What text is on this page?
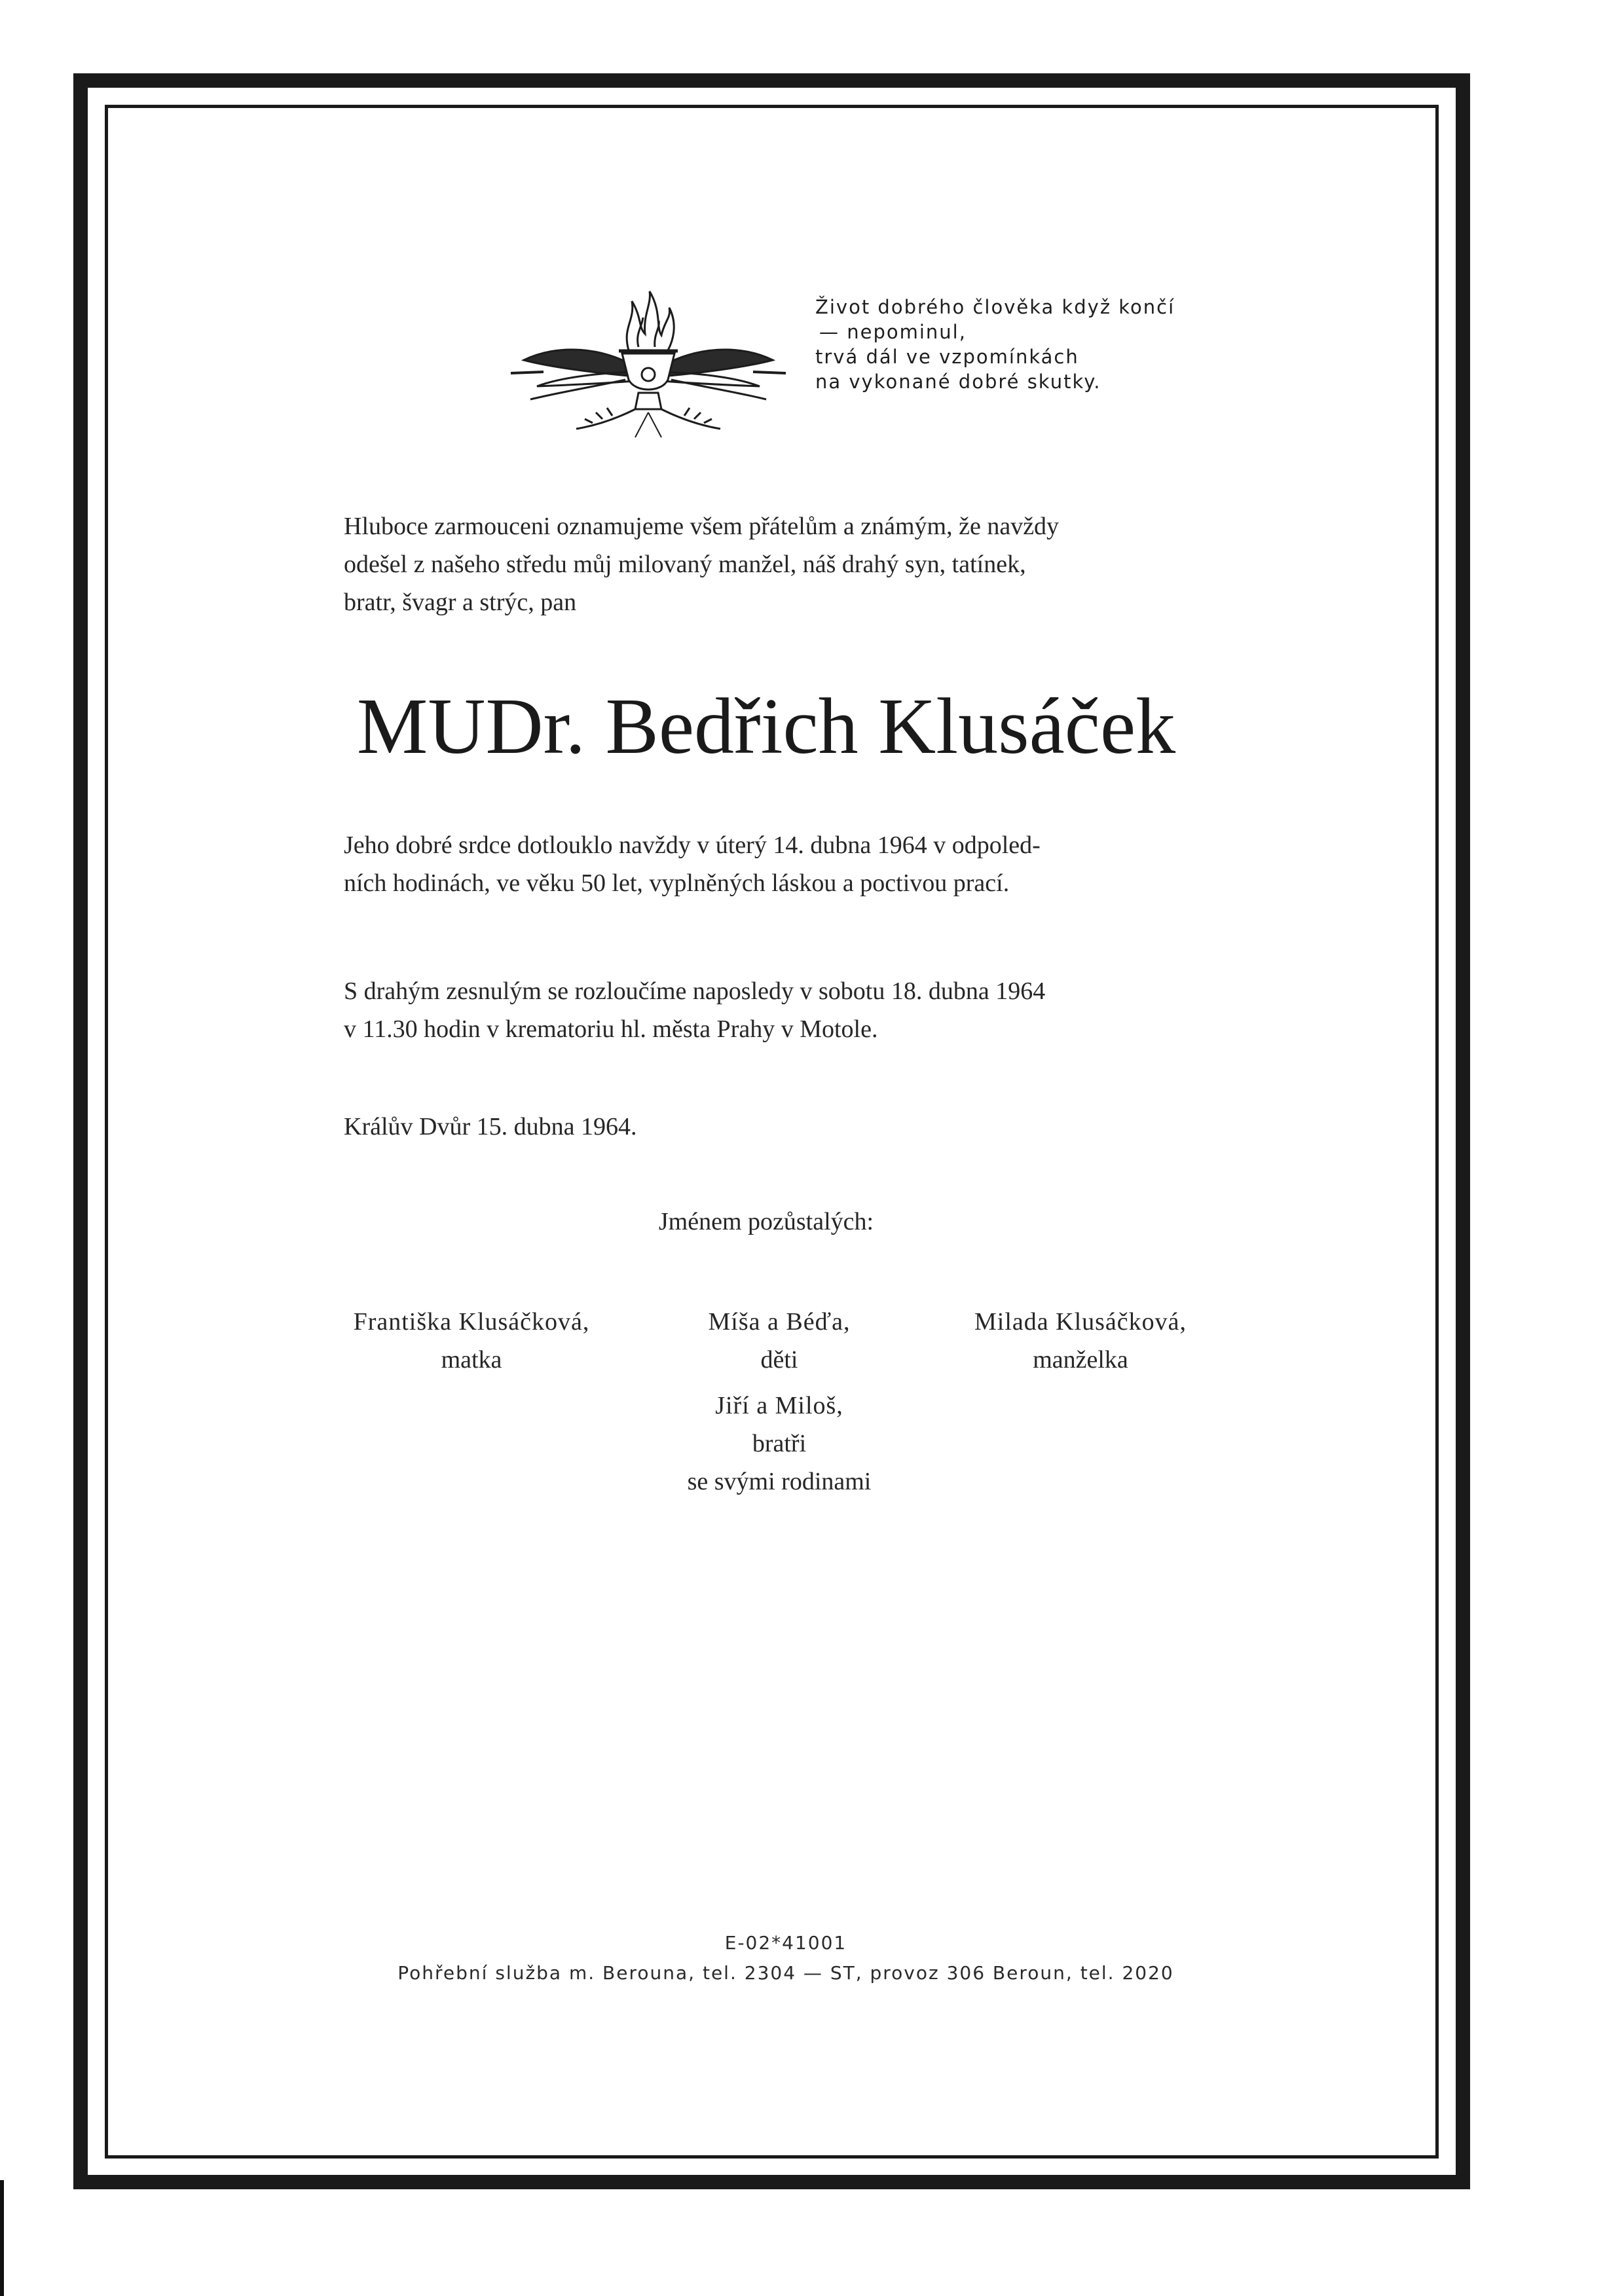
Život dobrého člověka když končí
— nepominul,
trvá dál ve vzpomínkách
na vykonané dobré skutky.
Hluboce zarmouceni oznamujeme všem přátelům a známým, že navždy
odešel z našeho středu můj milovaný manžel, náš drahý syn, tatínek,
bratr, švagr a strýc, pan
MUDr. Bedřich Klusáček
Jeho dobré srdce dotlouklo navždy v úterý 14. dubna 1964 v odpoled-
ních hodinách, ve věku 50 let, vyplněných láskou a poctivou prací.
S drahým zesnulým se rozloučíme naposledy v sobotu 18. dubna 1964
v 11.30 hodin v krematoriu hl. města Prahy v Motole.
Králův Dvůr 15. dubna 1964.
Jménem pozůstalých:
Františka Klusáčková,
matka
Míša a Béďa,
děti
Milada Klusáčková,
manželka
Jiří a Miloš,
bratři
se svými rodinami
E-02*41001
Pohřební služba m. Berouna, tel. 2304 — ST, provoz 306 Beroun, tel. 2020
